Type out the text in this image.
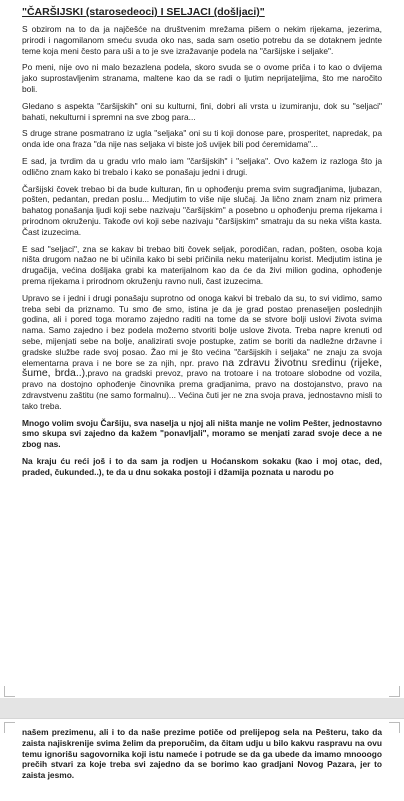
"ČARŠIJSKI (starosedeoci) I SELJACI (došljaci)"

S obzirom na to da ja najčešće na društvenim mrežama pišem o nekim rijekama, jezerima, prirodi i nagomilanom smeću svuda oko nas, sada sam osetio potrebu da se dotaknem jednte teme koja meni često para uši a to je sve izražavanje podela na "čaršijske i seljake".

Po meni, nije ovo ni malo bezazlena podela, skoro svuda se o ovome priča i to kao o dvijema jako suprostavljenim stranama, maltene kao da se radi o ljutim neprijateljima, što me naročito boli.

Gledano s aspekta "čaršijskih" oni su kulturni, fini, dobri ali vrsta u izumiranju, dok su "seljaci" bahati, nekulturni i spremni na sve zbog para...

S druge strane posmatrano iz ugla "seljaka" oni su ti koji donose pare, prosperitet, napredak, pa onda ide ona fraza "da nije nas seljaka vi biste još uvijek bili pod ćeremidama"...

E sad, ja tvrdim da u gradu vrlo malo iam "čaršijskih" i "seljaka". Ovo kažem iz razloga što ja odlično znam kako bi trebalo i kako se ponašaju jedni i drugi.

Čaršijski čovek trebao bi da bude kulturan, fin u ophođenju prema svim sugrađjanima, ljubazan, pošten, pedantan, predan poslu... Medjutim to više nije slučaj. Ja lično znam znam niz primera bahatog ponašanja ljudi koji sebe nazivaju "čaršijskim" a posebno u ophođenju prema rijekama i prirodnom okruženju. Takođe ovi koji sebe nazivaju "čaršijskim" smatraju da su neka višta kasta. Čast izuzecima.

E sad "seljaci", zna se kakav bi trebao biti čovek seljak, porodičan, radan, pošten, osoba koja ništa drugom nažao ne bi učinila kako bi sebi pričinila neku materijalnu korist. Medjutim istina je drugačija, većina došljaka grabi ka materijalnom kao da će da živi milion godina, ophođenje prema rijekama i prirodnom okruženju ravno nuli, čast izuzecima.

Upravo se i jedni i drugi ponašaju suprotno od onoga kakvi bi trebalo da su, to svi vidimo, samo treba sebi da priznamo. Tu smo đe smo, istina je da je grad postao prenaseljen poslednjih godina, ali i pored toga moramo zajedno raditi na tome da se stvore bolji uslovi života svima nama. Samo zajedno i bez podela možemo stvoriti bolje uslove života. Treba napre krenuti od sebe, mijenjati sebe na bolje, analizirati svoje postupke, zatim se boriti da nadležne državne i gradske službe rade svoj posao. Žao mi je što većina "čaršijskih i seljaka" ne znaju za svoja elementarna prava i ne bore se za njih, npr. pravo na zdravu životnu sredinu (rijeke, šume, brda..),pravo na gradski prevoz, pravo na trotoare i na trotoare slobodne od vozila, pravo na dostojno ophođenje činovnika prema gradjanima, pravo na dostojanstvo, pravo na zdravstvenu zaštitu (ne samo formalnu)... Većina čuti jer ne zna svoja prava, jednostavno misli to tako treba.

Mnogo volim svoju Čaršiju, sva naselja u njoj ali ništa manje ne volim Pešter, jednostavno smo skupa svi zajedno da kažem "ponavljali", moramo se menjati zarad svoje dece a ne zbog nas.

Na kraju ću reći još i to da sam ja rodjen u Hoćanskom sokaku (kao i moj otac, ded, praded, čukunded..), te da u dnu sokaka postoji i džamija poznata u narodu po

našem prezimenu, ali i to da naše prezime potiče od prelijepog sela na Pešteru, tako da zaista najiskrenije svima želim da preporučim, da čitam udju u bilo kakvu raspravu na ovu temu ignorišu sagovornika koji istu nameće i potrude se da ga ubede da imamo mnooogo prečih stvari za koje treba svi zajedno da se borimo kao gradjani Novog Pazara, jer to zaista jesmo.
